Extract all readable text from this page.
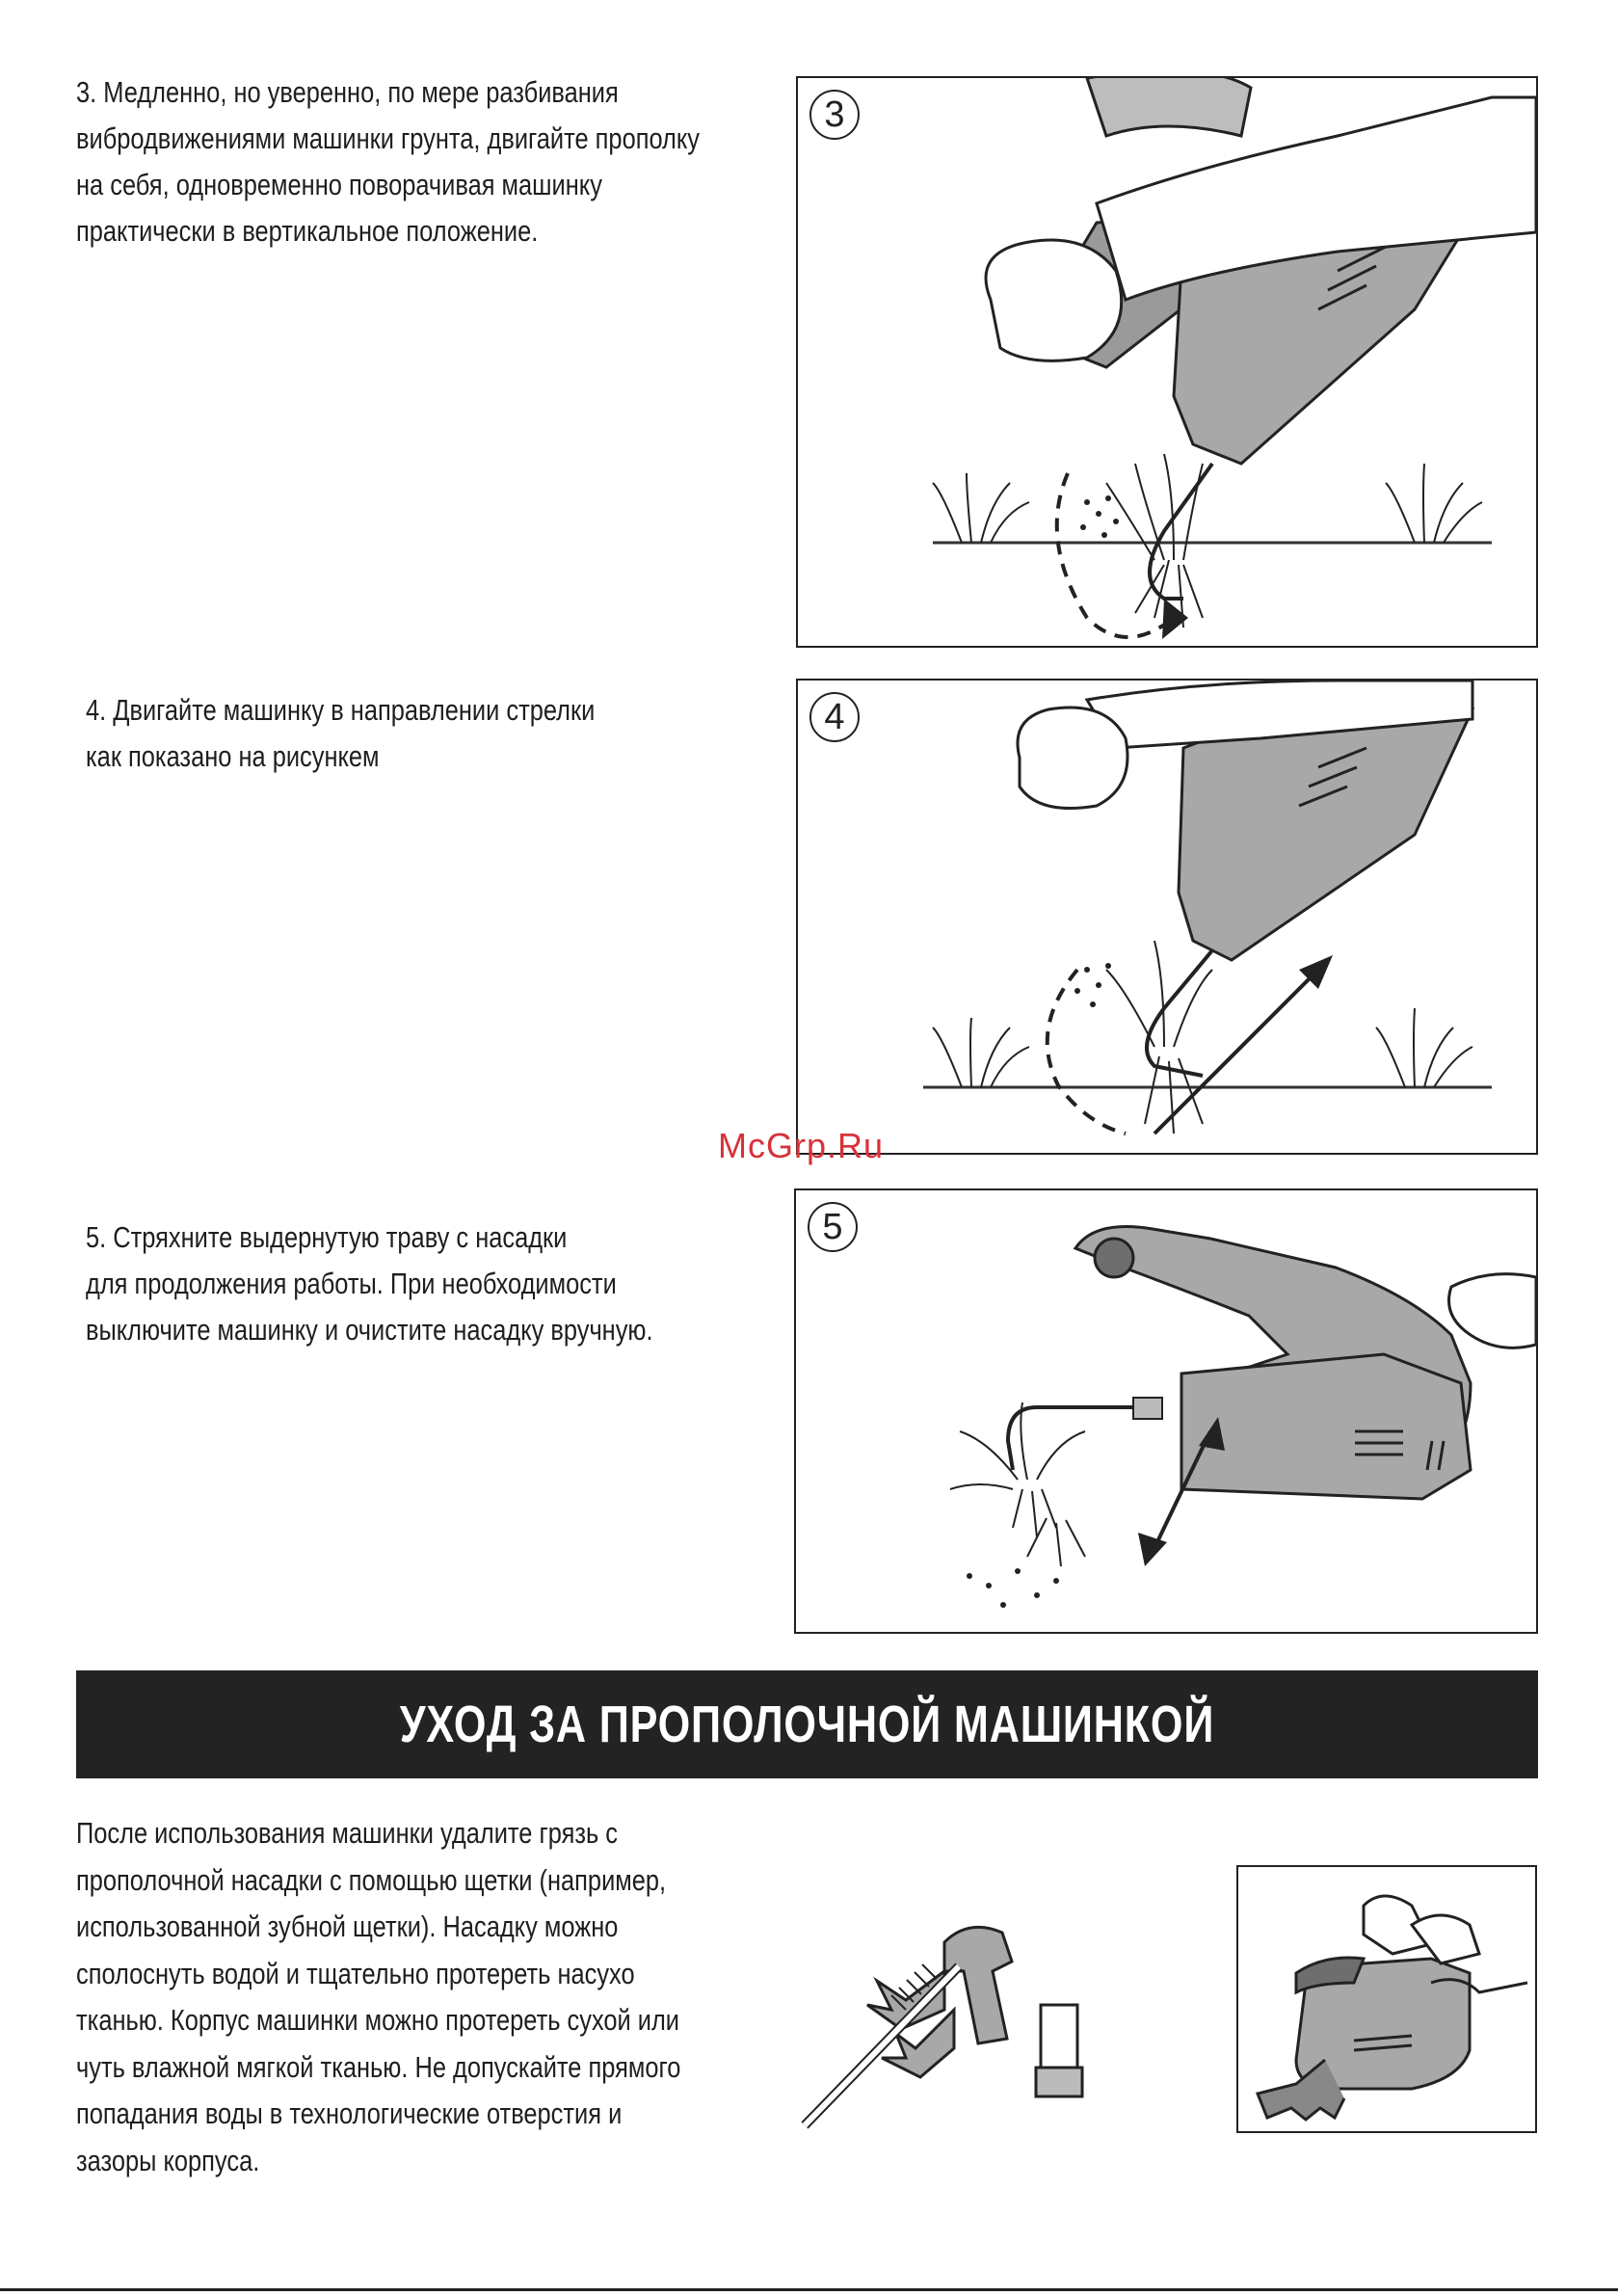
3. Медленно, но уверенно, по мере разбивания
вибродвижениями машинки грунта, двигайте прополку
на себя, одновременно поворачивая машинку
практически в вертикальное положение.
3
4. Двигайте машинку в направлении стрелки
как показано на рисункем
4
McGrp.Ru
5. Стряхните выдернутую траву с насадки
для продолжения работы. При необходимости
выключите машинку и очистите насадку вручную.
5
УХОД ЗА ПРОПОЛОЧНОЙ МАШИНКОЙ
После использования машинки удалите грязь с
прополочной насадки с помощью щетки (например,
использованной зубной щетки). Насадку можно
сполоснуть водой и тщательно протереть насухо
тканью. Корпус машинки можно протереть сухой или
чуть влажной мягкой тканью. Не допускайте прямого
попадания воды в технологические отверстия и
зазоры корпуса.
